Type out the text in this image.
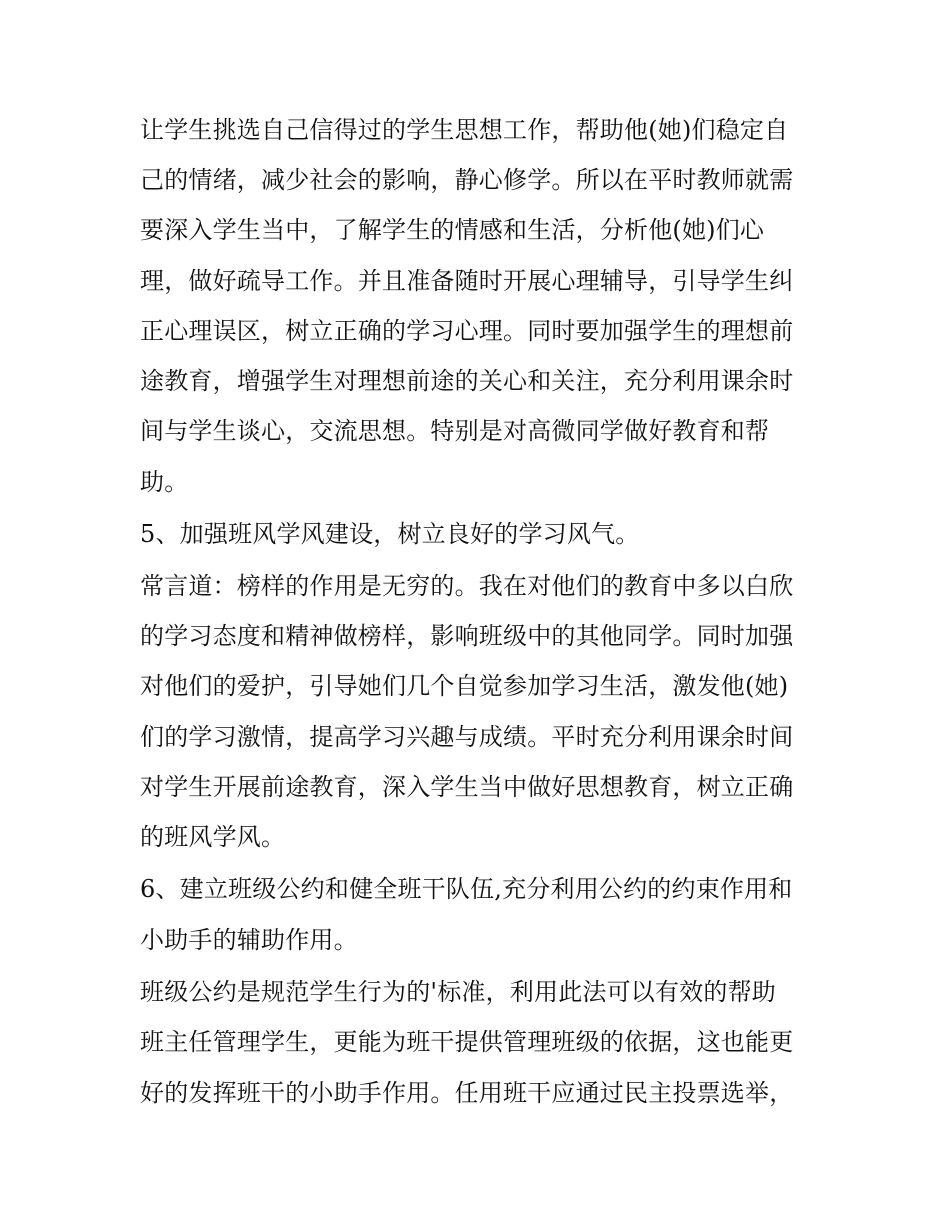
让学生挑选自己信得过的学生思想工作，帮助他(她)们稳定自
己的情绪，减少社会的影响，静心修学。所以在平时教师就需
要深入学生当中，了解学生的情感和生活，分析他(她)们心
理，做好疏导工作。并且准备随时开展心理辅导，引导学生纠
正心理误区，树立正确的学习心理。同时要加强学生的理想前
途教育，增强学生对理想前途的关心和关注，充分利用课余时
间与学生谈心，交流思想。特别是对高微同学做好教育和帮
助。
5、加强班风学风建设，树立良好的学习风气。
常言道：榜样的作用是无穷的。我在对他们的教育中多以白欣
的学习态度和精神做榜样，影响班级中的其他同学。同时加强
对他们的爱护，引导她们几个自觉参加学习生活，激发他(她)
们的学习激情，提高学习兴趣与成绩。平时充分利用课余时间
对学生开展前途教育，深入学生当中做好思想教育，树立正确
的班风学风。
6、建立班级公约和健全班干队伍,充分利用公约的约束作用和
小助手的辅助作用。
班级公约是规范学生行为的'标准，利用此法可以有效的帮助
班主任管理学生，更能为班干提供管理班级的依据，这也能更
好的发挥班干的小助手作用。任用班干应通过民主投票选举，
